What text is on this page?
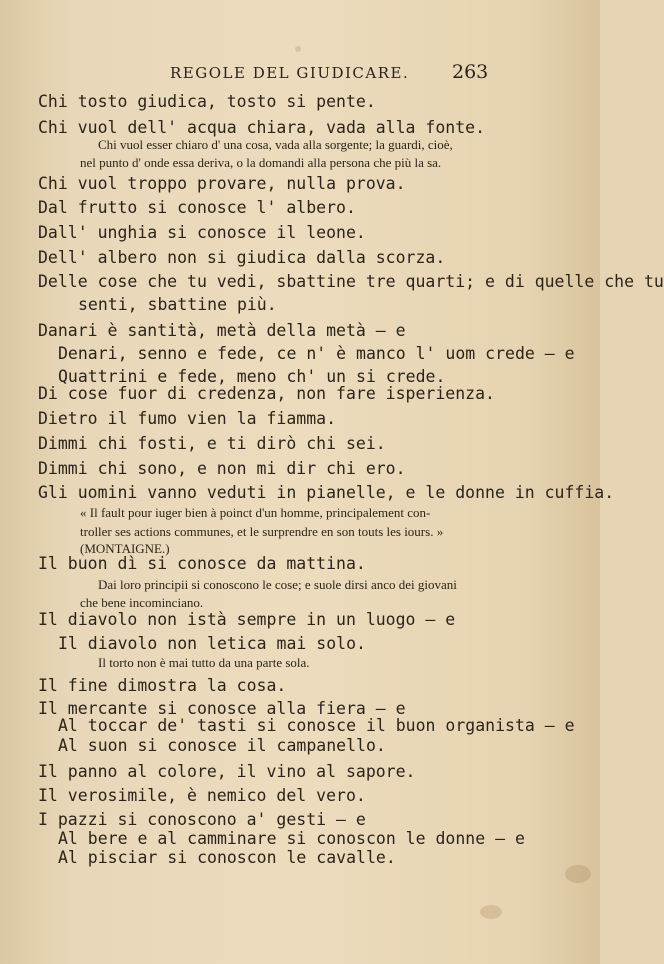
REGOLE DEL GIUDICARE. 263
Chi tosto giudica, tosto si pente.
Chi vuol dell' acqua chiara, vada alla fonte.
Chi vuol esser chiaro d' una cosa, vada alla sorgente; la guardi, cioè,
nel punto d' onde essa deriva, o la domandi alla persona che più la sa.
Chi vuol troppo provare, nulla prova.
Dal frutto si conosce l' albero.
Dall' unghia si conosce il leone.
Dell' albero non si giudica dalla scorza.
Delle cose che tu vedi, sbattine tre quarti; e di quelle che tu
senti, sbattine più.
Danari è santità, metà della metà — e
Denari, senno e fede, ce n' è manco l' uom crede — e
Quattrini e fede, meno ch' un si crede.
Di cose fuor di credenza, non fare isperienza.
Dietro il fumo vien la fiamma.
Dimmi chi fosti, e ti dirò chi sei.
Dimmi chi sono, e non mi dir chi ero.
Gli uomini vanno veduti in pianelle, e le donne in cuffia.
« Il fault pour iuger bien à poinct d'un homme, principalement con-
troller ses actions communes, et le surprendre en son touts les iours. »
(MONTAIGNE.)
Il buon dì si conosce da mattina.
Dai loro principii si conoscono le cose; e suole dirsi anco dei giovani
che bene incominciano.
Il diavolo non istà sempre in un luogo — e
Il diavolo non letica mai solo.
Il torto non è mai tutto da una parte sola.
Il fine dimostra la cosa.
Il mercante si conosce alla fiera — e
Al toccar de' tasti si conosce il buon organista — e
Al suon si conosce il campanello.
Il panno al colore, il vino al sapore.
Il verosimile, è nemico del vero.
I pazzi si conoscono a' gesti — e
Al bere e al camminare si conoscon le donne — e
Al pisciar si conoscon le cavalle.
